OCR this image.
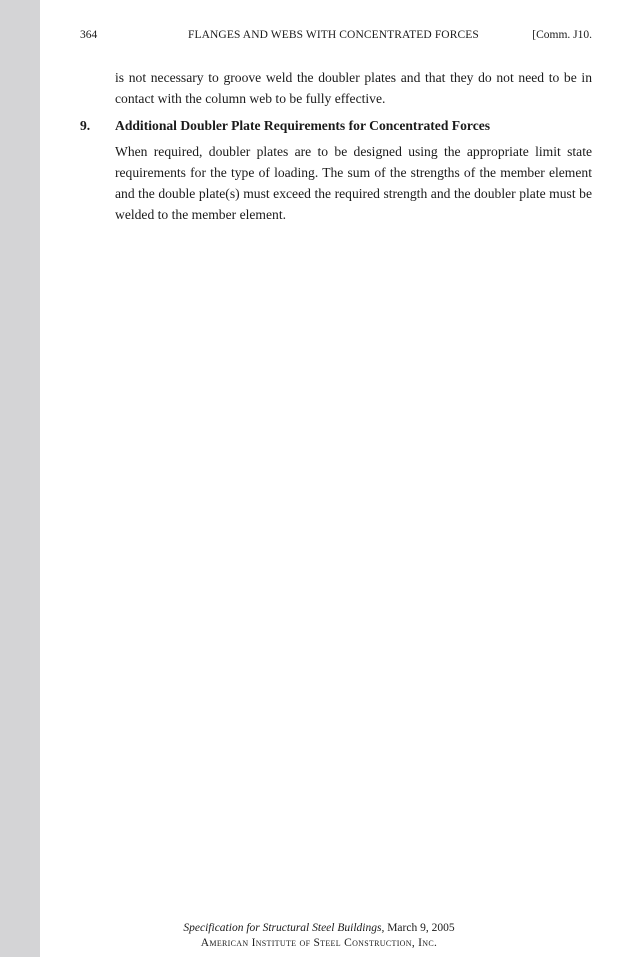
364	FLANGES AND WEBS WITH CONCENTRATED FORCES	[Comm. J10.

is not necessary to groove weld the doubler plates and that they do not need to be in contact with the column web to be fully effective.

9. Additional Doubler Plate Requirements for Concentrated Forces

When required, doubler plates are to be designed using the appropriate limit state requirements for the type of loading. The sum of the strengths of the member element and the double plate(s) must exceed the required strength and the doubler plate must be welded to the member element.

Specification for Structural Steel Buildings, March 9, 2005
American Institute of Steel Construction, Inc.
